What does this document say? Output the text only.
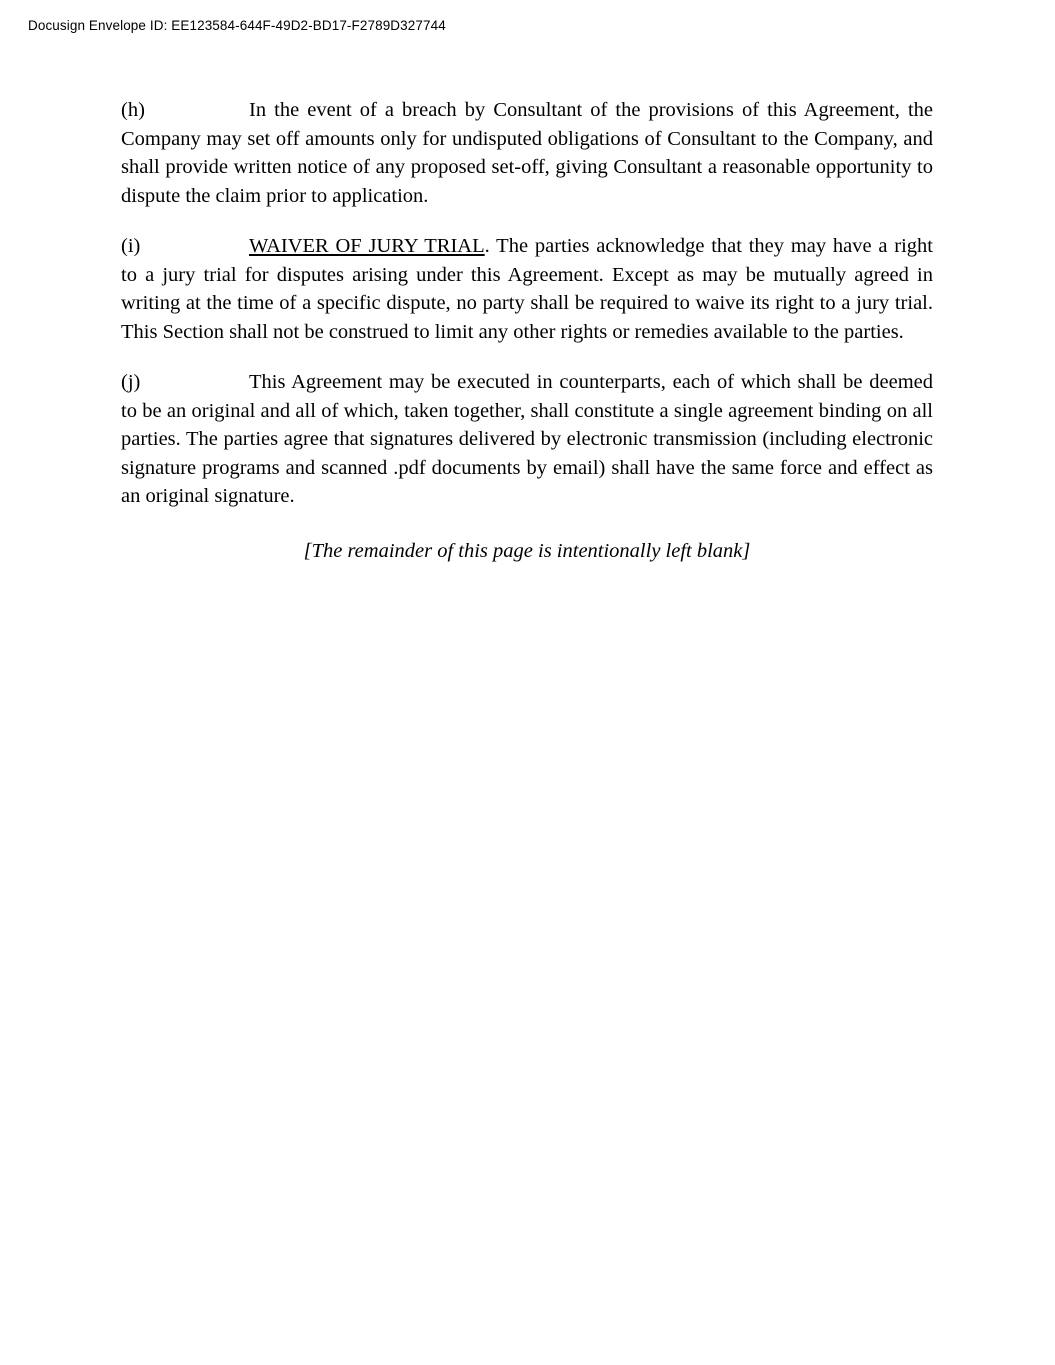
Docusign Envelope ID: EE123584-644F-49D2-BD17-F2789D327744

(h)	In the event of a breach by Consultant of the provisions of this Agreement, the Company may set off amounts only for undisputed obligations of Consultant to the Company, and shall provide written notice of any proposed set-off, giving Consultant a reasonable opportunity to dispute the claim prior to application.

(i)	WAIVER OF JURY TRIAL. The parties acknowledge that they may have a right to a jury trial for disputes arising under this Agreement. Except as may be mutually agreed in writing at the time of a specific dispute, no party shall be required to waive its right to a jury trial. This Section shall not be construed to limit any other rights or remedies available to the parties.

(j)	This Agreement may be executed in counterparts, each of which shall be deemed to be an original and all of which, taken together, shall constitute a single agreement binding on all parties. The parties agree that signatures delivered by electronic transmission (including electronic signature programs and scanned .pdf documents by email) shall have the same force and effect as an original signature.

[The remainder of this page is intentionally left blank]
